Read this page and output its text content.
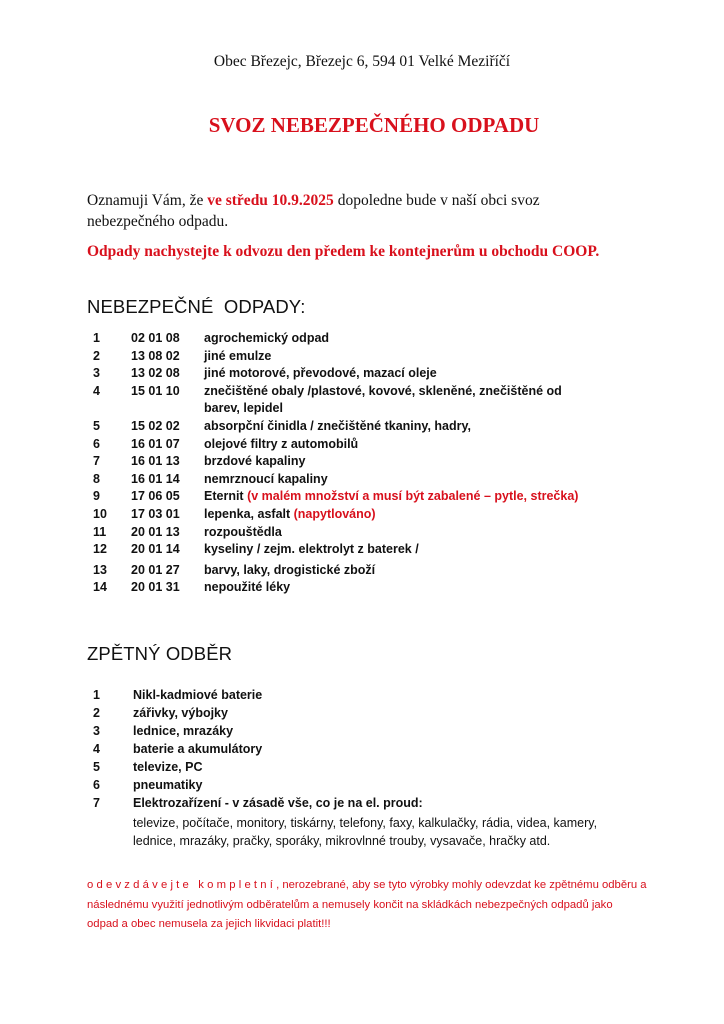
Obec Březejc, Březejc 6, 594 01 Velké Meziříčí
SVOZ NEBEZPEČNÉHO ODPADU
Oznamuji Vám, že ve středu 10.9.2025 dopoledne bude v naší obci svoz nebezpečného odpadu.
Odpady nachystejte k odvozu den předem ke kontejnerům u obchodu COOP.
NEBEZPEČNÉ  ODPADY:
1	02 01 08	agrochemický odpad
2	13 08 02	jiné emulze
3	13 02 08	jiné motorové, převodové, mazací oleje
4	15 01 10	znečištěné obaly /plastové, kovové, skleněné, znečištěné od barev, lepidel
5	15 02 02	absorpční činidla / znečištěné tkaniny, hadry,
6	16 01 07	olejové filtry z automobilů
7	16 01 13	brzdové kapaliny
8	16 01 14	nemrznoucí kapaliny
9	17 06 05	Eternit (v malém množství a musí být zabalené – pytle, strečka)
10	17 03 01	lepenka, asfalt (napytlováno)
11	20 01 13	rozpouštědla
12	20 01 14	kyseliny / zejm. elektrolyt z baterek /
13	20 01 27	barvy, laky, drogistické zboží
14	20 01 31	nepoužité léky
ZPĚTNÝ ODBĚR
1	Nikl-kadmiové baterie
2	zářivky, výbojky
3	lednice, mrazáky
4	baterie a akumulátory
5	televize, PC
6	pneumatiky
7	Elektrozařízení - v zásadě vše, co je na el. proud:
televize, počítače, monitory, tiskárny, telefony, faxy, kalkulačky, rádia, videa, kamery, lednice, mrazáky, pračky, sporáky, mikrovlnné trouby, vysavače, hračky atd.
odevzdávejte kompletní, nerozebrané, aby se tyto výrobky mohly odevzdat ke zpětnému odběru a následnému využití jednotlivým odběratelům a nemusely končit na skládkách nebezpečných odpadů jako odpad a obec nemusela za jejich likvidaci platit!!!
